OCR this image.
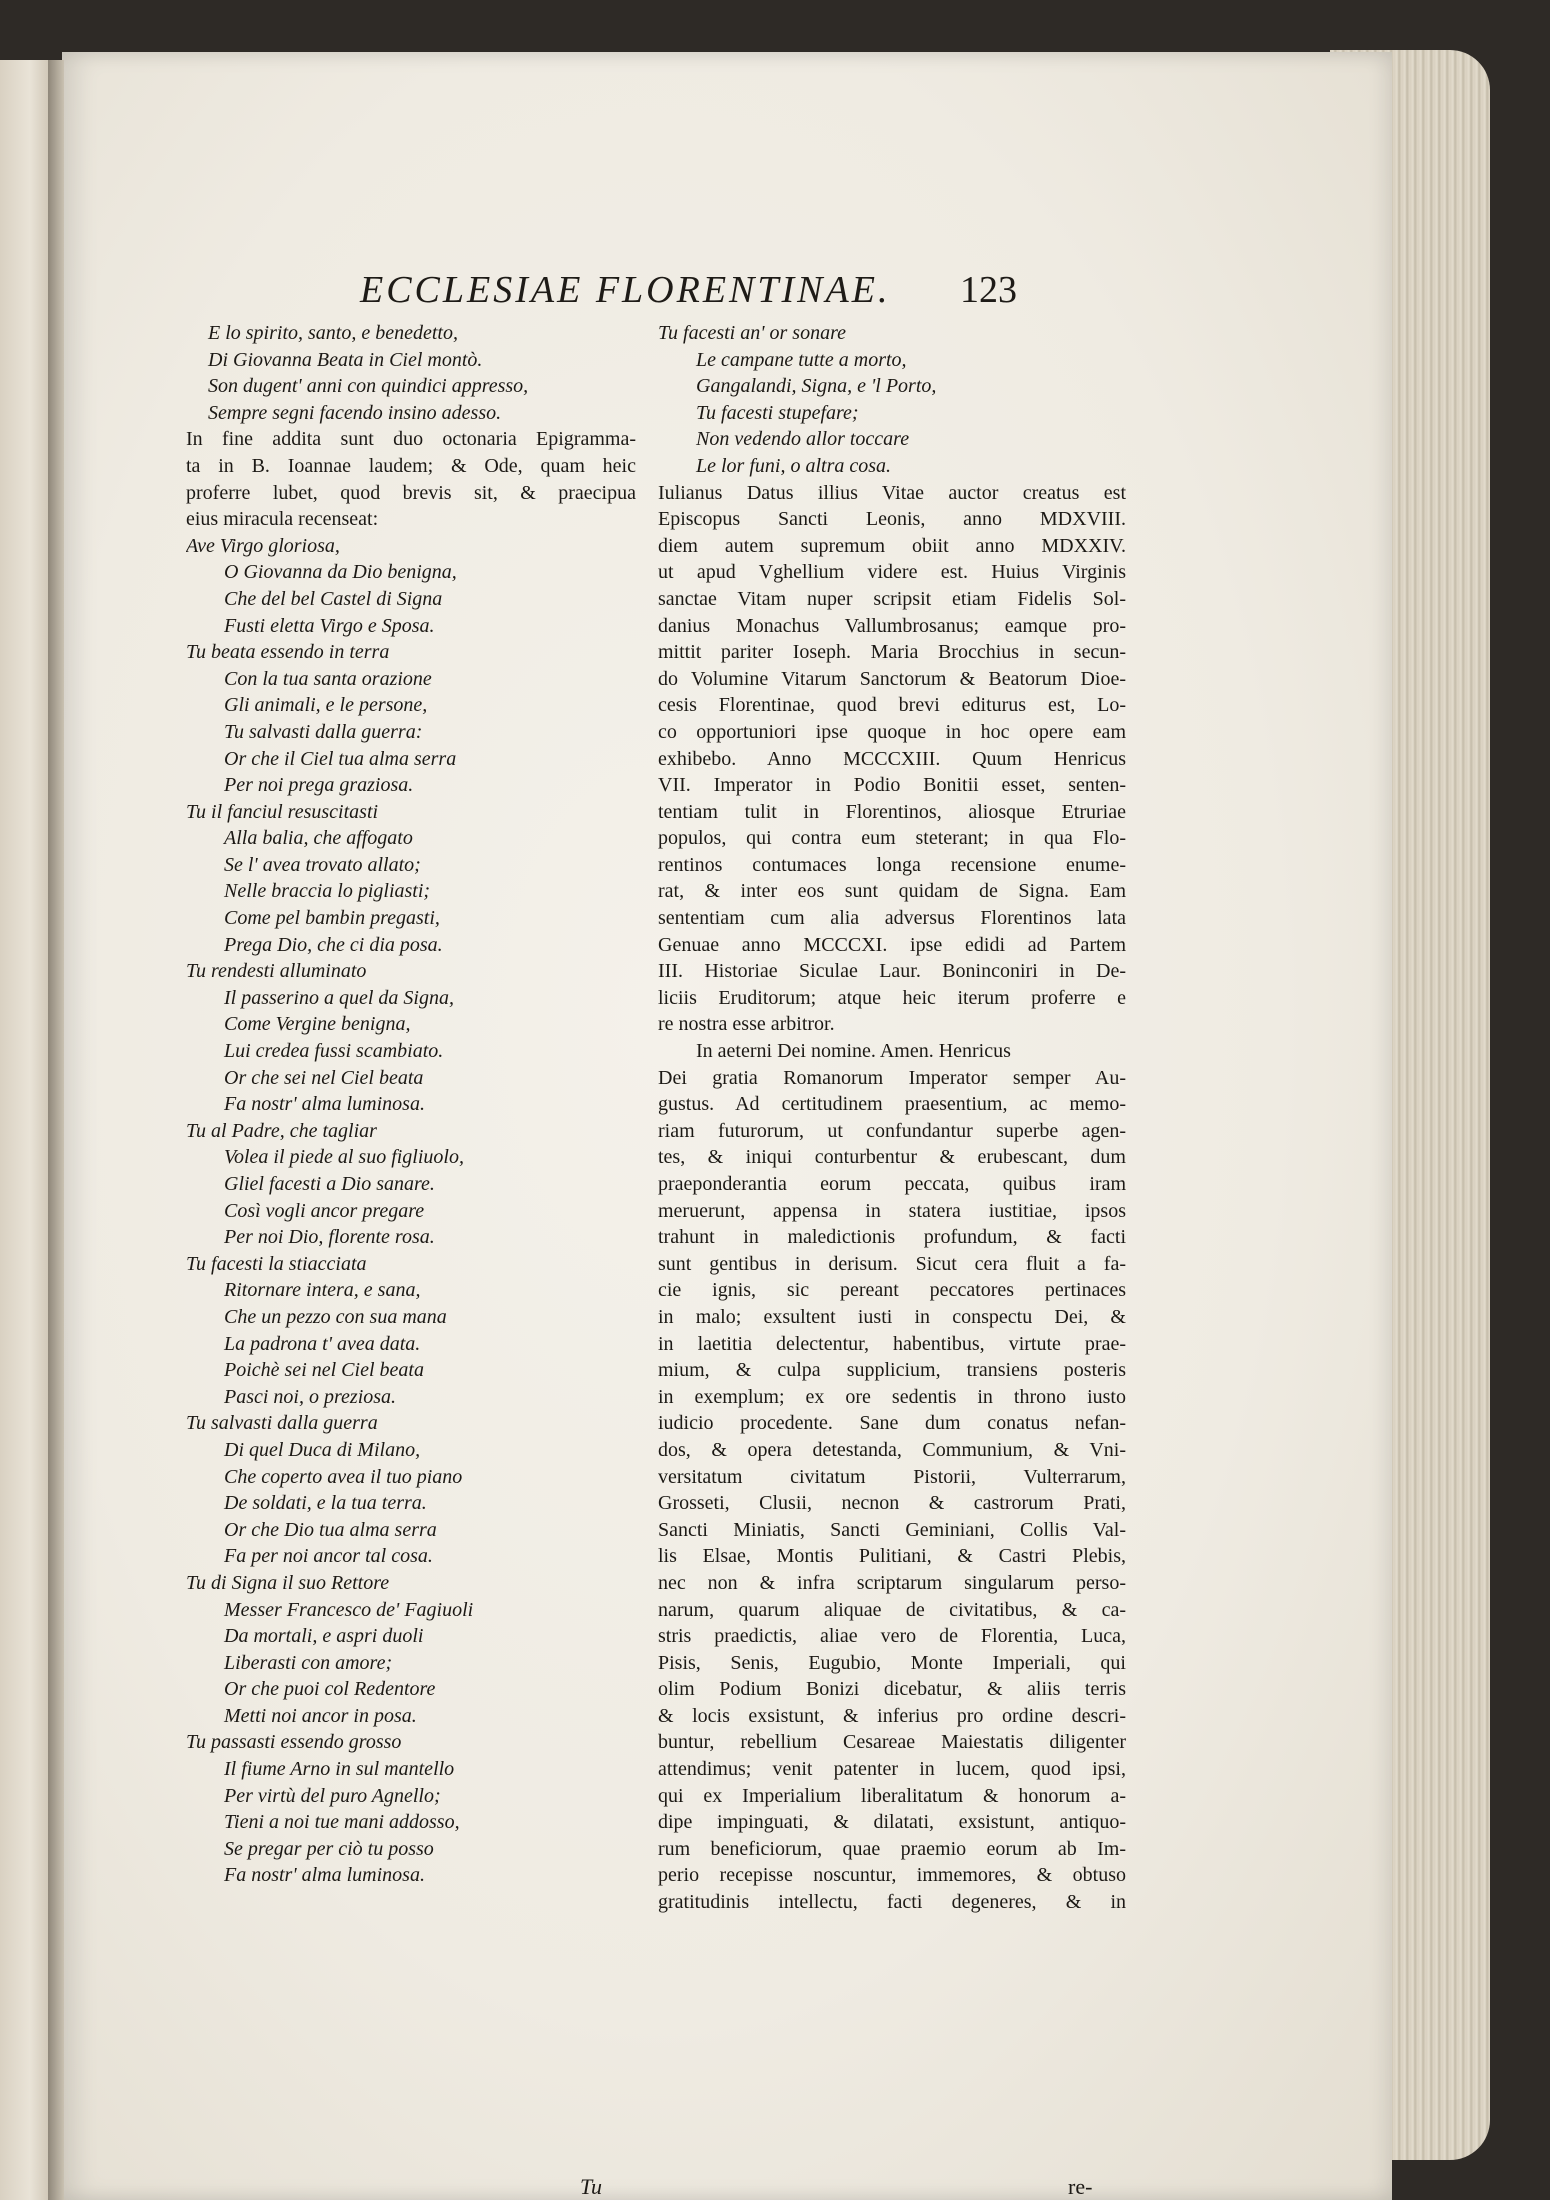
ECCLESIAE FLORENTINAE. 123
E lo spirito, santo, e benedetto,
Di Giovanna Beata in Ciel montò.
Son dugent' anni con quindici appresso,
Sempre segni facendo insino adesso.
In fine addita sunt duo octonaria Epigramma-
ta in B. Ioannae laudem; & Ode, quam heic
proferre lubet, quod brevis sit, & praecipua
eius miracula recenseat:
Ave Virgo gloriosa,
O Giovanna da Dio benigna,
Che del bel Castel di Signa
Fusti eletta Virgo e Sposa.
Tu beata essendo in terra
Con la tua santa orazione
Gli animali, e le persone,
Tu salvasti dalla guerra:
Or che il Ciel tua alma serra
Per noi prega graziosa.
Tu il fanciul resuscitasti
Alla balia, che affogato
Se l' avea trovato allato;
Nelle braccia lo pigliasti;
Come pel bambin pregasti,
Prega Dio, che ci dia posa.
Tu rendesti alluminato
Il passerino a quel da Signa,
Come Vergine benigna,
Lui credea fussi scambiato.
Or che sei nel Ciel beata
Fa nostr' alma luminosa.
Tu al Padre, che tagliar
Volea il piede al suo figliuolo,
Gliel facesti a Dio sanare.
Così vogli ancor pregare
Per noi Dio, florente rosa.
Tu facesti la stiacciata
Ritornare intera, e sana,
Che un pezzo con sua mana
La padrona t' avea data.
Poichè sei nel Ciel beata
Pasci noi, o preziosa.
Tu salvasti dalla guerra
Di quel Duca di Milano,
Che coperto avea il tuo piano
De soldati, e la tua terra.
Or che Dio tua alma serra
Fa per noi ancor tal cosa.
Tu di Signa il suo Rettore
Messer Francesco de' Fagiuoli
Da mortali, e aspri duoli
Liberasti con amore;
Or che puoi col Redentore
Metti noi ancor in posa.
Tu passasti essendo grosso
Il fiume Arno in sul mantello
Per virtù del puro Agnello;
Tieni a noi tue mani addosso,
Se pregar per ciò tu posso
Fa nostr' alma luminosa.
Tu facesti an' or sonare
Le campane tutte a morto,
Gangalandi, Signa, e 'l Porto,
Tu facesti stupefare;
Non vedendo allor toccare
Le lor funi, o altra cosa.
Iulianus Datus illius Vitae auctor creatus est
Episcopus Sancti Leonis, anno MDXVIII.
diem autem supremum obiit anno MDXXIV.
ut apud Vghellium videre est. Huius Virginis
sanctae Vitam nuper scripsit etiam Fidelis Sol-
danius Monachus Vallumbrosanus; eamque pro-
mittit pariter Ioseph. Maria Brocchius in secun-
do Volumine Vitarum Sanctorum & Beatorum Dioe-
cesis Florentinae, quod brevi editurus est, Lo-
co opportuniori ipse quoque in hoc opere eam
exhibebo. Anno MCCCXIII. Quum Henricus
VII. Imperator in Podio Bonitii esset, senten-
tentiam tulit in Florentinos, aliosque Etruriae
populos, qui contra eum steterant; in qua Flo-
rentinos contumaces longa recensione enume-
rat, & inter eos sunt quidam de Signa. Eam
sententiam cum alia adversus Florentinos lata
Genuae anno MCCCXI. ipse edidi ad Partem
III. Historiae Siculae Laur. Boninconiri in De-
liciis Eruditorum; atque heic iterum proferre e
re nostra esse arbitror.
In aeterni Dei nomine. Amen. Henricus
Dei gratia Romanorum Imperator semper Au-
gustus. Ad certitudinem praesentium, ac memo-
riam futurorum, ut confundantur superbe agen-
tes, & iniqui conturbentur & erubescant, dum
praeponderantia eorum peccata, quibus iram
meruerunt, appensa in statera iustitiae, ipsos
trahunt in maledictionis profundum, & facti
sunt gentibus in derisum. Sicut cera fluit a fa-
cie ignis, sic pereant peccatores pertinaces
in malo; exsultent iusti in conspectu Dei, &
in laetitia delectentur, habentibus, virtute prae-
mium, & culpa supplicium, transiens posteris
in exemplum; ex ore sedentis in throno iusto
iudicio procedente. Sane dum conatus nefan-
dos, & opera detestanda, Communium, & Vni-
versitatum civitatum Pistorii, Vulterrarum,
Grosseti, Clusii, necnon & castrorum Prati,
Sancti Miniatis, Sancti Geminiani, Collis Val-
lis Elsae, Montis Pulitiani, & Castri Plebis,
nec non & infra scriptarum singularum perso-
narum, quarum aliquae de civitatibus, & ca-
stris praedictis, aliae vero de Florentia, Luca,
Pisis, Senis, Eugubio, Monte Imperiali, qui
olim Podium Bonizi dicebatur, & aliis terris
& locis exsistunt, & inferius pro ordine descri-
buntur, rebellium Cesareae Maiestatis diligenter
attendimus; venit patenter in lucem, quod ipsi,
qui ex Imperialium liberalitatum & honorum a-
dipe impinguati, & dilatati, exsistunt, antiquo-
rum beneficiorum, quae praemio eorum ab Im-
perio recepisse noscuntur, immemores, & obtuso
gratitudinis intellectu, facti degeneres, & in
Tu	re-
